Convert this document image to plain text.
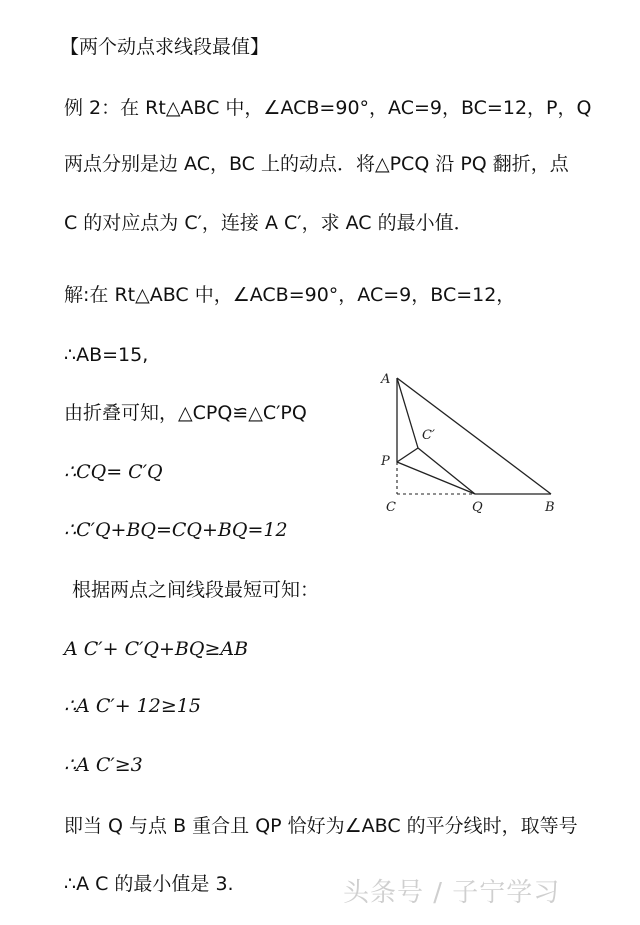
【两个动点求线段最值】
例 2：在 Rt△ABC 中，∠ACB=90°，AC=9，BC=12，P，Q
两点分别是边 AC，BC 上的动点．将△PCQ 沿 PQ 翻折，点
C 的对应点为 C′，连接 A C′，求 AC 的最小值．
解:在 Rt△ABC 中，∠ACB=90°，AC=9，BC=12，
∴AB=15,
由折叠可知，△CPQ≌△C′PQ
∴CQ= C′Q
∴C′Q+BQ=CQ+BQ=12
根据两点之间线段最短可知：
A C′+ C′Q+BQ≥AB
∴A C′+ 12≥15
∴A C′≥3
即当 Q 与点 B 重合且 QP 恰好为∠ABC 的平分线时，取等号
∴A C 的最小值是 3.
A
P
C	Q	B
C′
头条号 / 子宁学习
